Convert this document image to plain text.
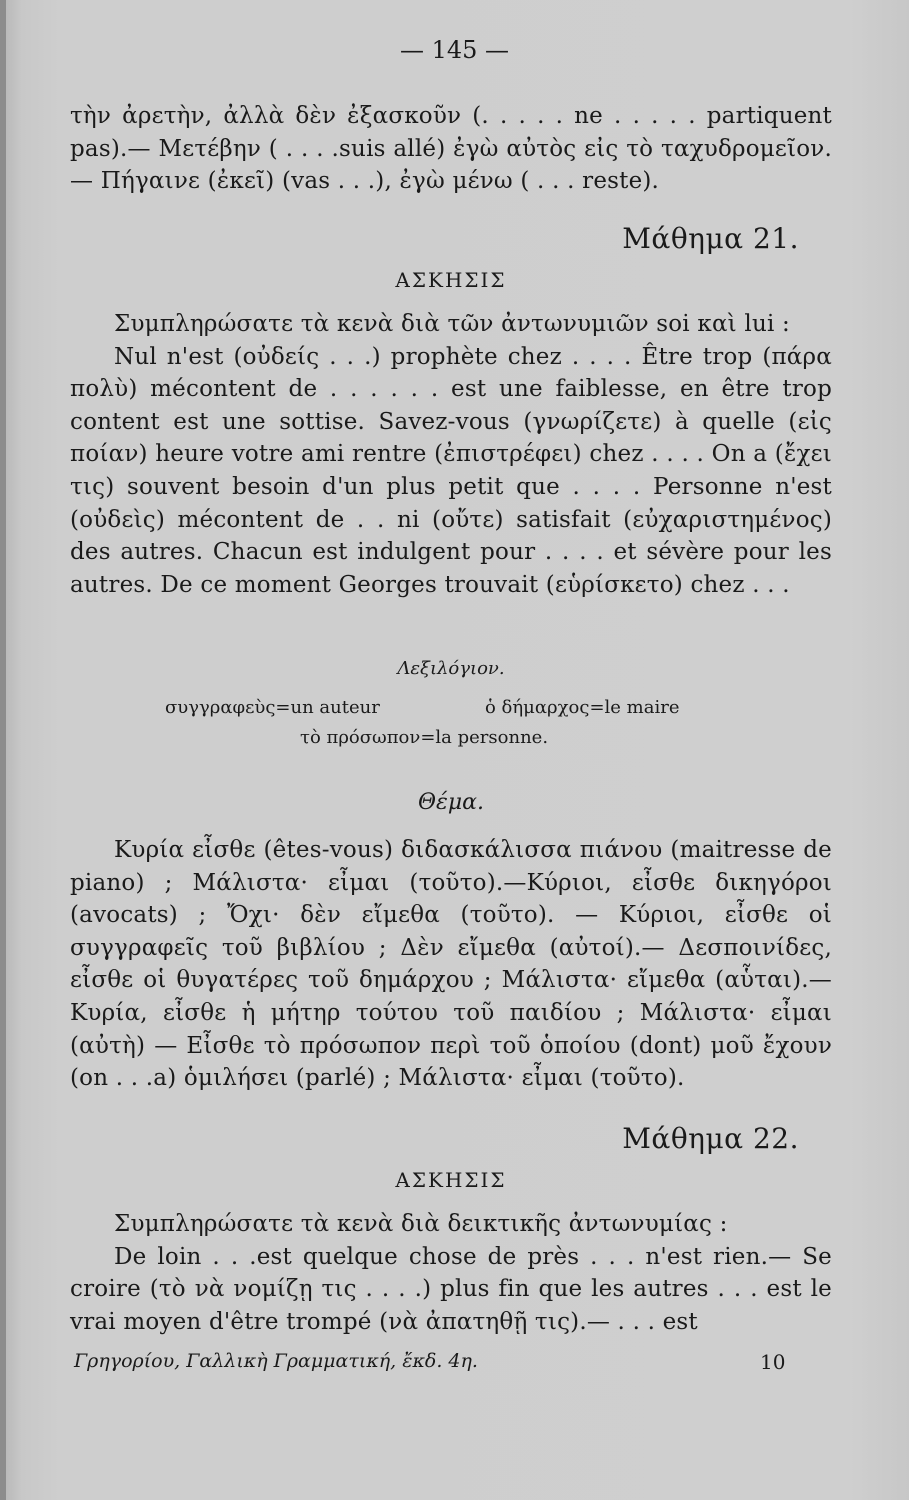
— 145 —

τὴν ἀρετὴν, ἀλλὰ δὲν ἐξασκοῦν (. . . . . ne . . . . . partiquent pas).— Μετέβην ( . . . .suis allé) ἐγὼ αὐτὸς εἰς τὸ ταχυδρομεῖον. — Πήγαινε (ἐκεῖ) (vas . . .), ἐγὼ μένω ( . . . reste).

Μάθημα 21.
ΑΣΚΗΣΙΣ

Συμπληρώσατε τὰ κενὰ διὰ τῶν ἀντωνυμιῶν soi καὶ lui :

Nul n'est (οὐδείς . . .) prophète chez . . . . Être trop (πάρα πολὺ) mécontent de . . . . . . est une faiblesse, en être trop content est une sottise. Savez-vous (γνωρίζετε) à quelle (εἰς ποίαν) heure votre ami rentre (ἐπιστρέφει) chez . . . . On a (ἔχει τις) souvent besoin d'un plus petit que . . . . Personne n'est (οὐδεὶς) mécontent de . . ni (οὔτε) satisfait (εὐχαριστημένος) des autres. Chacun est indulgent pour . . . . et sévère pour les autres. De ce moment Georges trouvait (εὑρίσκετο) chez . . .

Λεξιλόγιον.
συγγραφεὺς=un auteur	ὁ δήμαρχος=le maire
τὸ πρόσωπον=la personne.
Θέμα.

Κυρία εἶσθε (êtes-vous) διδασκάλισσα πιάνου (maitresse de piano) ; Μάλιστα· εἶμαι (τοῦτο).—Κύριοι, εἶσθε δικηγόροι (avocats) ; Ὄχι· δὲν εἴμεθα (τοῦτο). — Κύριοι, εἶσθε οἱ συγγραφεῖς τοῦ βιβλίου ; Δὲν εἴμεθα (αὐτοί).— Δεσποινίδες, εἶσθε οἱ θυγατέρες τοῦ δημάρχου ; Μάλιστα· εἴμεθα (αὗται).— Κυρία, εἶσθε ἡ μήτηρ τούτου τοῦ παιδίου ; Μάλιστα· εἶμαι (αὐτὴ) — Εἶσθε τὸ πρόσωπον περὶ τοῦ ὁποίου (dont) μοῦ ἔχουν (on . . .a) ὁμιλήσει (parlé) ; Μάλιστα· εἶμαι (τοῦτο).

Μάθημα 22.
ΑΣΚΗΣΙΣ

Συμπληρώσατε τὰ κενὰ διὰ δεικτικῆς ἀντωνυμίας :

De loin . . .est quelque chose de près . . . n'est rien.— Se croire (τὸ νὰ νομίζῃ τις . . . .) plus fin que les autres . . . est le vrai moyen d'être trompé (νὰ ἀπατηθῇ τις).— . . . est

Γρηγορίου, Γαλλικὴ Γραμματική, ἔκδ. 4η.	10
